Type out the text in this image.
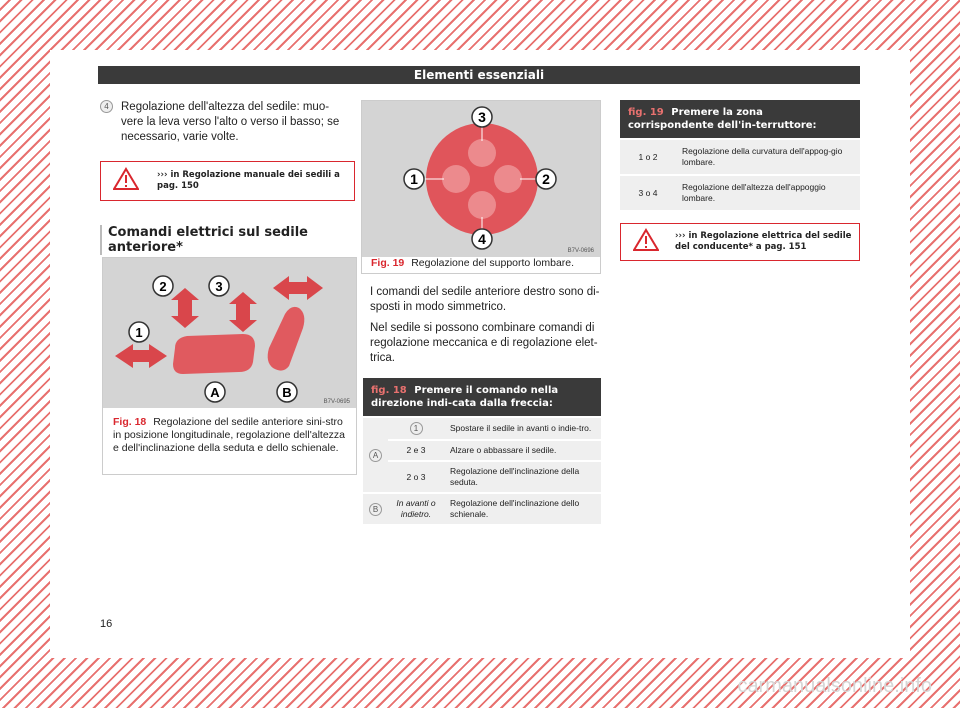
Elementi essenziali
4	Regolazione dell'altezza del sedile: muo-vere la leva verso l'alto o verso il basso; se necessario, varie volte.
››› in Regolazione manuale dei sedili a pag. 150
Comandi elettrici sul sedile anteriore*
1
2	3
A	B
B7V-0695
Fig. 18 Regolazione del sedile anteriore sini-stro in posizione longitudinale, regolazione dell'altezza e dell'inclinazione della seduta e dello schienale.
3
1	2
4
B7V-0696
Fig. 19 Regolazione del supporto lombare.

I comandi del sedile anteriore destro sono di-sposti in modo simmetrico.

Nel sedile si possono combinare comandi di regolazione meccanica e di regolazione elet-trica.

fig. 18 Premere il comando nella direzione indi-cata dalla freccia:
A	1	Spostare il sedile in avanti o indie-tro.
	2 e 3	Alzare o abbassare il sedile.
	2 o 3	Regolazione dell'inclinazione della seduta.
B	In avanti o indietro.	Regolazione dell'inclinazione dello schienale.
fig. 19 Premere la zona corrispondente dell'in-terruttore:
1 o 2	Regolazione della curvatura dell'appog-gio lombare.
3 o 4	Regolazione dell'altezza dell'appoggio lombare.
››› in Regolazione elettrica del sedile del conducente* a pag. 151
16
carmanualsonline.info
